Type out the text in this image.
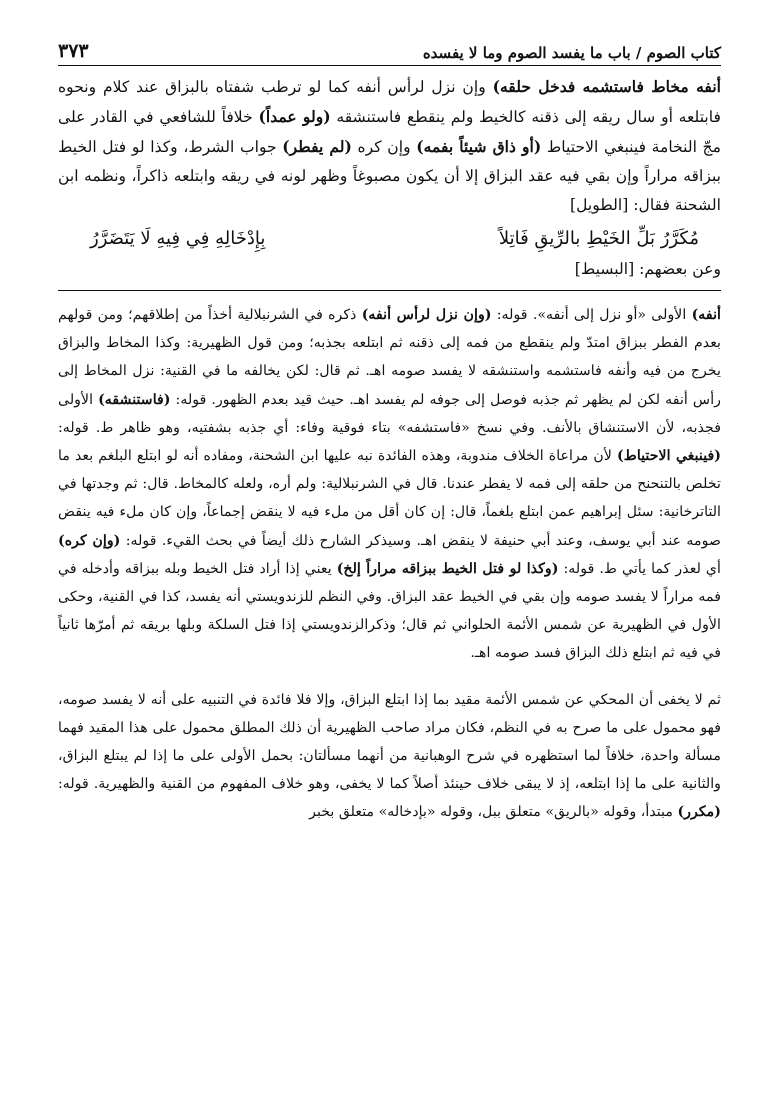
كتاب الصوم / باب ما يفسد الصوم وما لا يفسده
٣٧٣

أنفه مخاط فاستشمه فدخل حلقه) وإن نزل لرأس أنفه كما لو ترطب شفتاه بالبزاق عند كلام ونحوه فابتلعه أو سال ريقه إلى ذقنه كالخيط ولم ينقطع فاستنشقه (ولو عمداً) خلافاً للشافعي في القادر على مجّ النخامة فينبغي الاحتياط (أو ذاق شيئاً بفمه) وإن كره (لم يفطر) جواب الشرط، وكذا لو فتل الخيط ببزاقه مراراً وإن بقي فيه عقد البزاق إلا أن يكون مصبوغاً وظهر لونه في ريقه وابتلعه ذاكراً، ونظمه ابن الشحنة فقال: [الطويل]

مُكَرَّرُ بَلِّ الخَيْطِ بالرِّيقِ فَاتِلاً
بِإِدْخَالِهِ فِي فِيهِ لَا يَتَضَرَّرُ
وعن بعضهم: [البسيط]

أنفه) الأولى «أو نزل إلى أنفه». قوله: (وإن نزل لرأس أنفه) ذكره في الشرنبلالية أخذاً من إطلاقهم؛ ومن قولهم بعدم الفطر ببزاق امتدّ ولم ينقطع من فمه إلى ذقنه ثم ابتلعه بجذبه؛ ومن قول الظهيرية: وكذا المخاط والبزاق يخرج من فيه وأنفه فاستشمه واستنشقه لا يفسد صومه اهـ. ثم قال: لكن يخالفه ما في القنية: نزل المخاط إلى رأس أنفه لكن لم يظهر ثم جذبه فوصل إلى جوفه لم يفسد اهـ. حيث قيد بعدم الظهور. قوله: (فاستنشقه) الأولى فجذبه، لأن الاستنشاق بالأنف. وفي نسخ «فاستشفه» بتاء فوقية وفاء: أي جذبه بشفتيه، وهو ظاهر ط. قوله: (فينبغي الاحتياط) لأن مراعاة الخلاف مندوبة، وهذه الفائدة نبه عليها ابن الشحنة، ومفاده أنه لو ابتلع البلغم بعد ما تخلص بالتنحنح من حلقه إلى فمه لا يفطر عندنا. قال في الشرنبلالية: ولم أره، ولعله كالمخاط. قال: ثم وجدتها في التاترخانية: سئل إبراهيم عمن ابتلع بلغماً، قال: إن كان أقل من ملء فيه لا ينقض إجماعاً، وإن كان ملء فيه ينقض صومه عند أبي يوسف، وعند أبي حنيفة لا ينقض اهـ. وسيذكر الشارح ذلك أيضاً في بحث القيء. قوله: (وإن كره) أي لعذر كما يأتي ط. قوله: (وكذا لو فتل الخيط ببزاقه مراراً إلخ) يعني إذا أراد فتل الخيط وبله ببزاقه وأدخله في فمه مراراً لا يفسد صومه وإن بقي في الخيط عقد البزاق. وفي النظم للزندويستي أنه يفسد، كذا في القنية، وحكى الأول في الظهيرية عن شمس الأئمة الحلواني ثم قال؛ وذكرالزندويستي إذا فتل السلكة وبلها بريقه ثم أمرّها ثانياً في فيه ثم ابتلع ذلك البزاق فسد صومه اهـ.

ثم لا يخفى أن المحكي عن شمس الأئمة مقيد بما إذا ابتلع البزاق، وإلا فلا فائدة في التنبيه على أنه لا يفسد صومه، فهو محمول على ما صرح به في النظم، فكان مراد صاحب الظهيرية أن ذلك المطلق محمول على هذا المقيد فهما مسألة واحدة، خلافاً لما استظهره في شرح الوهبانية من أنهما مسألتان: بحمل الأولى على ما إذا لم يبتلع البزاق، والثانية على ما إذا ابتلعه، إذ لا يبقى خلاف حينئذ أصلاً كما لا يخفى، وهو خلاف المفهوم من القنية والظهيرية. قوله: (مكرر) مبتدأ، وقوله «بالريق» متعلق ببل، وقوله «بإدخاله» متعلق بخبر
